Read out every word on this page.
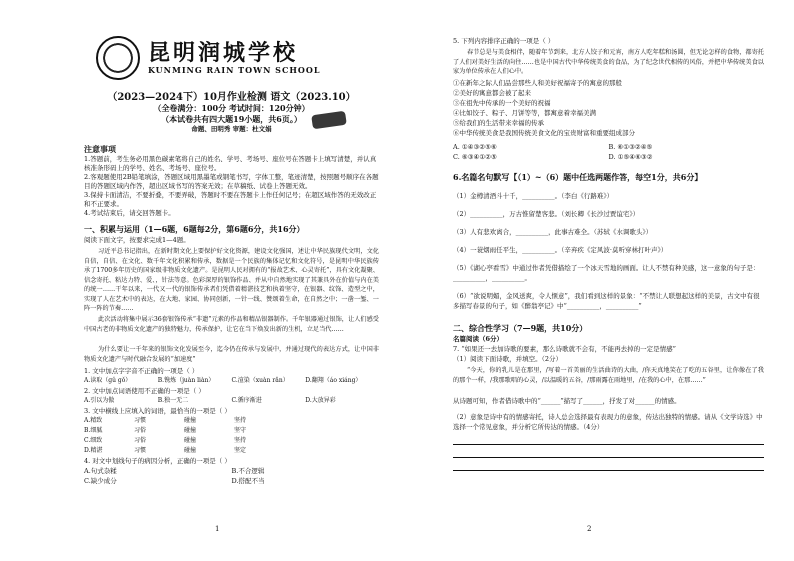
昆明润城学校
KUNMING RAIN TOWN SCHOOL
（2023—2024下）10月作业检测 语文（2023.10）
（全卷满分：100分 考试时间：120分钟）
（本试卷共有四大题19小题，共6页。）
命题、田明秀 审题：杜文娟
注意事项
1.答题前，考生务必用黑色碳素笔将自己的姓名、学号、考场号、座位号在答题卡上填写清楚，并认真核准条形码上的学号、姓名、考场号、座位号。
2.客观题使用2B铅笔填涂，答题区域用黑墨笔或钢笔书写，字体工整，笔迹清楚，按照题号顺序在各题目的答题区域内作答，超出区域书写的答案无效；在草稿纸、试卷上答题无效。
3.保持卡面清洁，不要折叠，不要弄破，答题时不要在答题卡上作任何记号；在超区域作答的无效改正和不正要求。
4.考试结束后，请交回答题卡。
一、积累与运用（1—6题，6题每2分，第6题6分，共16分）
阅读下面文字，按要求完成1—4题。
习近平总书记指出，在新时期文化上要保护好文化资源，建设文化强国，述让中华民族现代文明，文化自信，自信、在文化、数千年文化积累和传承，数据是一个民族的集体记忆和文化符号，是昆明中华民族传承了1700多年历史的国家级非物质文化遗产。是昆明人民对拥有的“报故艺术、心灵寄托”，具有文化凝聚、信念寄托、粘达力特、爱、，针法等意。色彩深厚的银饰作品、并从中自然地实现了其兼具外在价值与内在美的统一……干年以来，一代又一代的银饰传承者们凭借着精湛技艺和执着坚守，在银器、纹饰、造型之中，实现了人在艺术中的表达，在大地、家园、协同创新，一针一线、赞颂着生命，在自然之中；一凿一錾、一阵一阵的节奏……
此次活动将集中展示36套银饰传承“非遗”元素的作品和精品银器制作。千年银器通过银饰，让人们感受中国古老的非物质文化遗产的独特魅力，传承保护，让它在当下焕发出新的生机，立足当代……
为什么要让一千年来的银饰文化发展至今，迄今仍在传承与发展中，并通过现代的表达方式，让中国非物质文化遗产与时代融合发展的“加速度”
1. 文中加点字字音不正确的一项是（ ）
A.读取（ɡǔ ɡǒ）	B.镌炼（juàn liàn）	C.渲染（xuàn rǎn）	D.翻翔（áo xiáng）
2. 文中加点词语使用不正确的一项是（ ）
A.引以为傲	B.独一无二	C.循序渐进	D.大放异彩
3. 文中横线上应填入的词语，最恰当的一项是（ ）
A.精致	习惯	碰撞	坚持
B.细腻	习俗	碰撞	坚守
C.细致	习俗	碰撞	坚持
D.精湛	习惯	碰撞	坚定
4. 对文中划线句子的病因分析，正确的一项是（ ）
A.句式杂糅	B.不合逻辑
C.缺少成分	D.搭配不当
1
5. 下列内容排序正确的一项是（ ）
春节总是与美食相伴，随着年节到来，北方人饺子和元宵，南方人吃年糕和汤圆，但无论怎样的食物，都寄托了人们对美好生活的向往……也是中国古代中华传统美食的食品，为了纪念世代相传的风俗，并把中华传统美食以家为单位传承在人们心中。
①在新年之际人们品尝那些人和美好祝福寄予的寓意的那般
②美好的寓意都会被了起来
③在祖先中传承的一个美好的祝福
④比如饺子、粽子、月饼等等，都寓意着幸福美满
⑤给我们的生活带来幸福的传承
⑥中华传统美食是我国传统美食文化的宝贵财富和重要组成部分
A. ①④③②⑤⑥	B. ⑥①③②④⑤
C. ⑥③④①②⑤	D. ①⑤④⑥③②
6.名篇名句默写【（1）~（6）题中任选两题作答，每空1分，共6分】
（1）金樽清酒斗十千，__________。（李白《行路难》）
（2）__________，万古惟留楚客悲。（刘长卿《长沙过贾谊宅》）
（3）人有悲欢离合，__________，此事古难全。（苏轼《水调歌头》）
（4）一蓑烟雨任平生，__________。（辛弃疾《定风波·莫听穿林打叶声》）
（5）《湖心亭看雪》中通过作者凭借描绘了一个冰天雪地的画面。让人不禁有种美感，这一意象的句子是：__________，__________。
（6）“欲说明媚，金风送爽，令人惬意”，我们看到这样的景象：“不禁让人联想起这样的美景，古文中有很多描写春景的句子，如《醉翁亭记》中“__________，__________”
二、综合性学习（7—9题，共10分）
名篇阅读（6分）
7. “如果还一去加诗歌的要素，那么诗歌就不会有，不能再去掉的一定是情感”
（1）阅读下面诗歌，并填空。（2分）
“今天，你的乳儿是在那里，/写着一首美丽的生活曲诗的大曲，/你天真地笑在了吃的五谷里，让你像在了我的那个一样，/我那歌唱的心灵，/以温暖的五谷，/那雨露在雨地里，/在我的心中，在那……”
从诗题可知，作者借诗歌中的“______”描写了______，抒发了对______的情感。
（2）意象是诗中有的情感寄托，诗人总会选择最有表现力的意象，传达出独特的情感。请从《文学诗选》中选择一个常见意象，并分析它所传达的情感。（4分）
2
